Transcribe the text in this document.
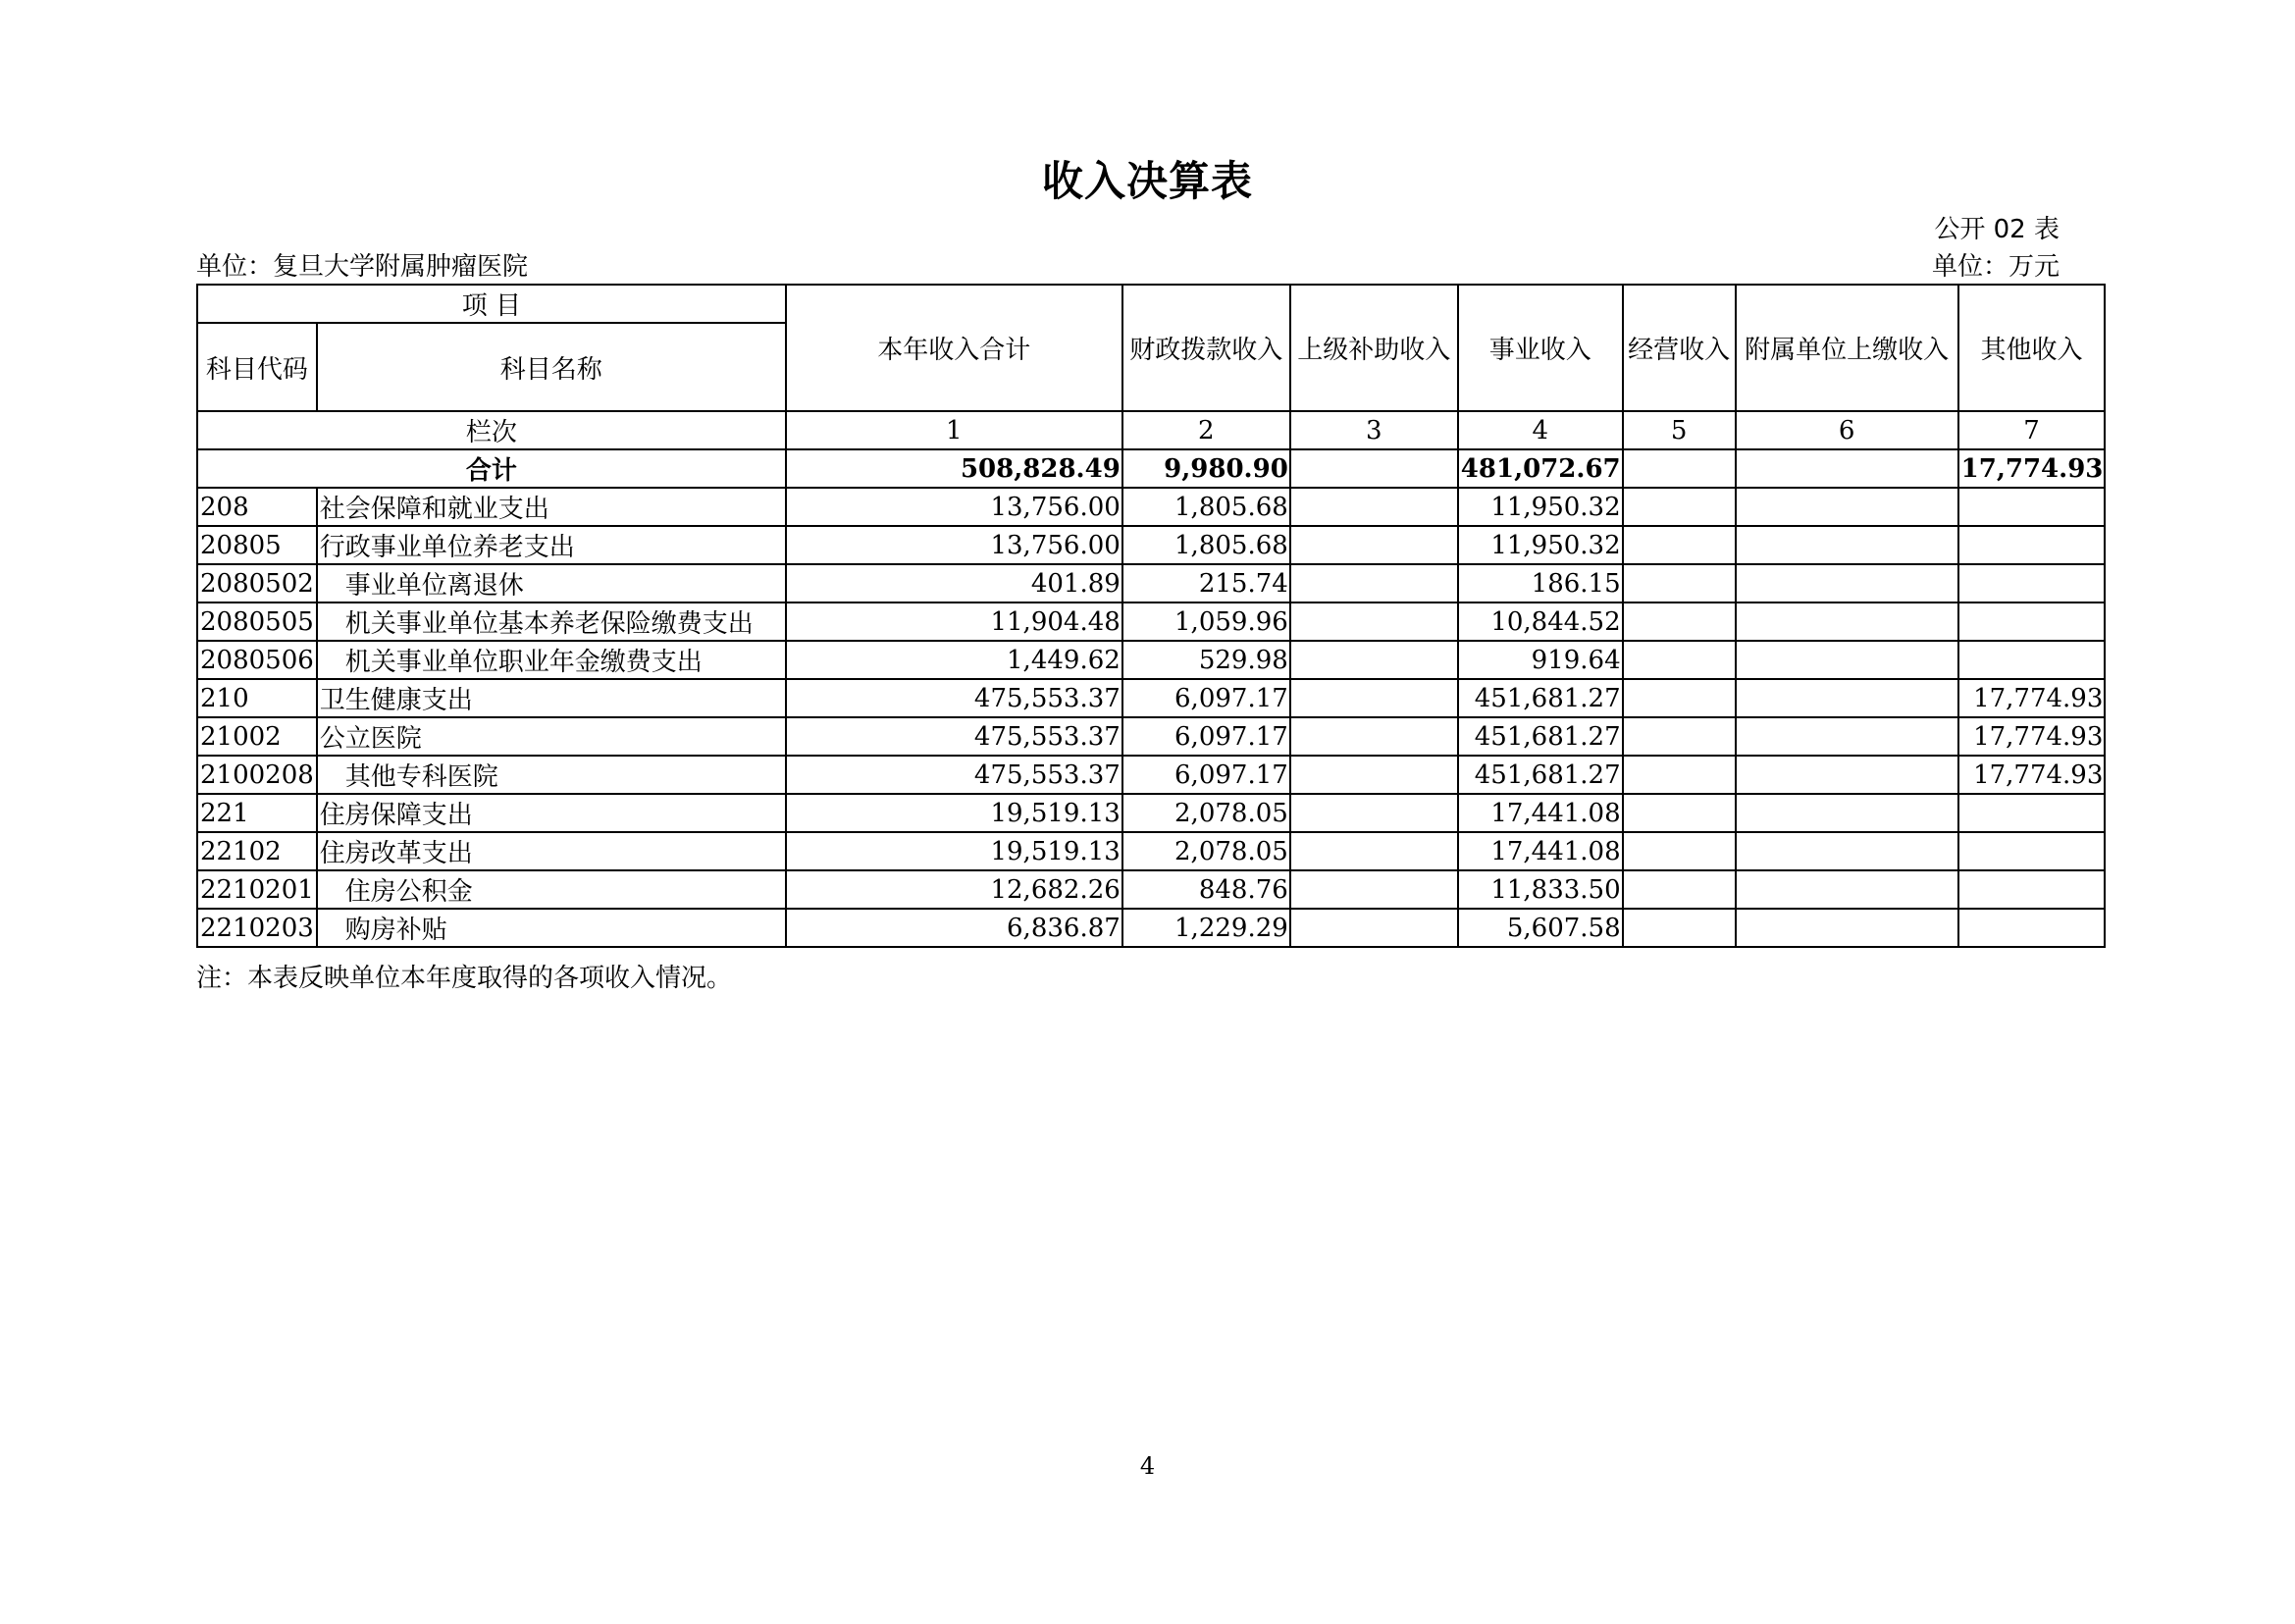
收入决算表
公开 02 表
单位：复旦大学附属肿瘤医院	单位：万元
项 目		本年收入合计	财政拨款收入	上级补助收入	事业收入	经营收入	附属单位上缴收入	其他收入
科目代码	科目名称							
栏次		1	2	3	4	5	6	7
合计		508,828.49	9,980.90		481,072.67			17,774.93
208	社会保障和就业支出	13,756.00	1,805.68		11,950.32			
20805	行政事业单位养老支出	13,756.00	1,805.68		11,950.32			
2080502	事业单位离退休	401.89	215.74		186.15			
2080505	机关事业单位基本养老保险缴费支出	11,904.48	1,059.96		10,844.52			
2080506	机关事业单位职业年金缴费支出	1,449.62	529.98		919.64			
210	卫生健康支出	475,553.37	6,097.17		451,681.27			17,774.93
21002	公立医院	475,553.37	6,097.17		451,681.27			17,774.93
2100208	其他专科医院	475,553.37	6,097.17		451,681.27			17,774.93
221	住房保障支出	19,519.13	2,078.05		17,441.08			
22102	住房改革支出	19,519.13	2,078.05		17,441.08			
2210201	住房公积金	12,682.26	848.76		11,833.50			
2210203	购房补贴	6,836.87	1,229.29		5,607.58			
注：本表反映单位本年度取得的各项收入情况。
4
